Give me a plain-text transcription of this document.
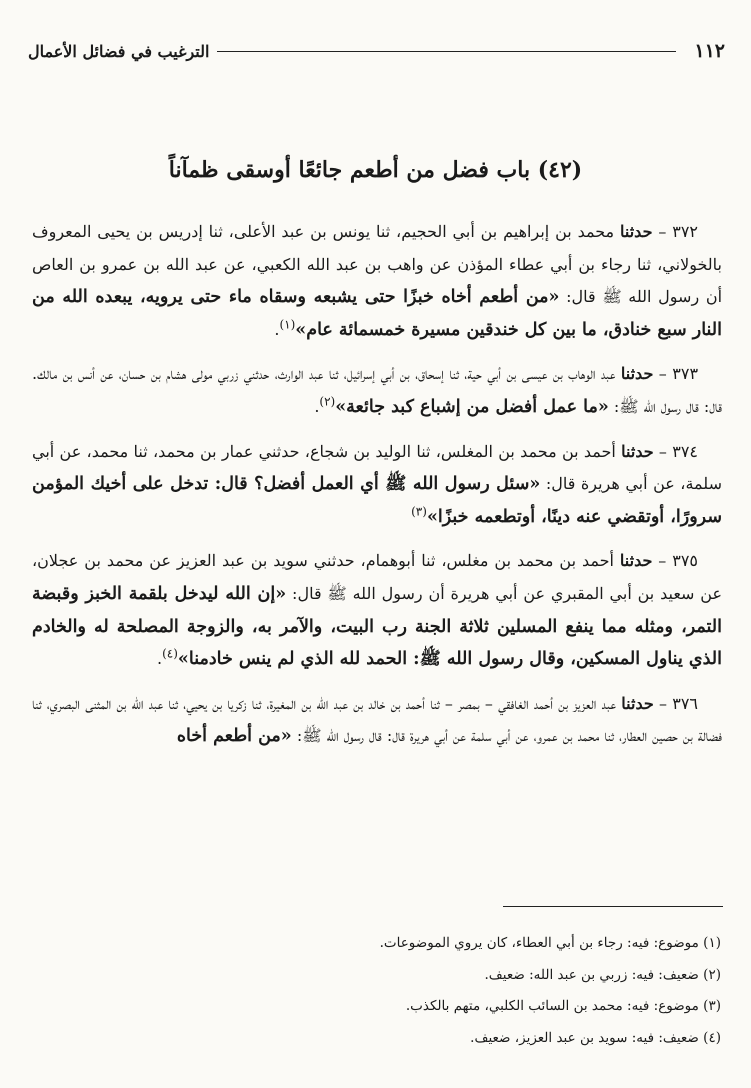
١١٢
الترغيب في فضائل الأعمال
(٤٢) باب فضل من أطعم جائعًا أوسقى ظمآناً

٣٧٢ – حدثنا محمد بن إبراهيم بن أبي الحجيم، ثنا يونس بن عبد الأعلى، ثنا إدريس بن يحيى المعروف بالخولاني، ثنا رجاء بن أبي عطاء المؤذن عن واهب بن عبد الله الكعبي، عن عبد الله بن عمرو بن العاص أن رسول الله ﷺ قال: «من أطعم أخاه خبزًا حتى يشبعه وسقاه ماء حتى يرويه، يبعده الله من النار سبع خنادق، ما بين كل خندقين مسيرة خمسمائة عام»$^{(١)}$.

٣٧٣ – حدثنا عبد الوهاب بن عيسى بن أبي حية، ثنا إسحاق، بن أبي إسرائيل، ثنا عبد الوارث، حدثني زربي مولى هشام بن حسان، عن أنس بن مالك. قال: قال رسول الله ﷺ: «ما عمل أفضل من إشباع كبد جائعة»$^{(٢)}$.

٣٧٤ – حدثنا أحمد بن محمد بن المغلس، ثنا الوليد بن شجاع، حدثني عمار بن محمد، ثنا محمد، عن أبي سلمة، عن أبي هريرة قال: «سئل رسول الله ﷺ أي العمل أفضل؟ قال: تدخل على أخيك المؤمن سرورًا، أوتقضي عنه دينًا، أوتطعمه خبزًا»$^{(٣)}$

٣٧٥ – حدثنا أحمد بن محمد بن مغلس، ثنا أبوهمام، حدثني سويد بن عبد العزيز عن محمد بن عجلان، عن سعيد بن أبي المقبري عن أبي هريرة أن رسول الله ﷺ قال: «إن الله ليدخل بلقمة الخبز وقبضة التمر، ومثله مما ينفع المسلين ثلاثة الجنة رب البيت، والآمر به، والزوجة المصلحة له والخادم الذي يناول المسكين، وقال رسول الله ﷺ: الحمد لله الذي لم ينس خادمنا»$^{(٤)}$.

٣٧٦ – حدثنا عبد العزيز بن أحمد الغافقي – بمصر – ثنا أحمد بن خالد بن عبد الله بن المغيرة، ثنا زكريا بن يحيي، ثنا عبد الله بن المثنى البصري، ثنا فضالة بن حصين العطار، ثنا محمد بن عمرو، عن أبي سلمة عن أبي هريرة قال: قال رسول الله ﷺ: «من أطعم أخاه

(١) موضوع: فيه: رجاء بن أبي العطاء، كان يروي الموضوعات.
(٢) ضعيف: فيه: زربي بن عبد الله: ضعيف.
(٣) موضوع: فيه: محمد بن السائب الكلبي، متهم بالكذب.
(٤) ضعيف: فيه: سويد بن عبد العزيز، ضعيف.
